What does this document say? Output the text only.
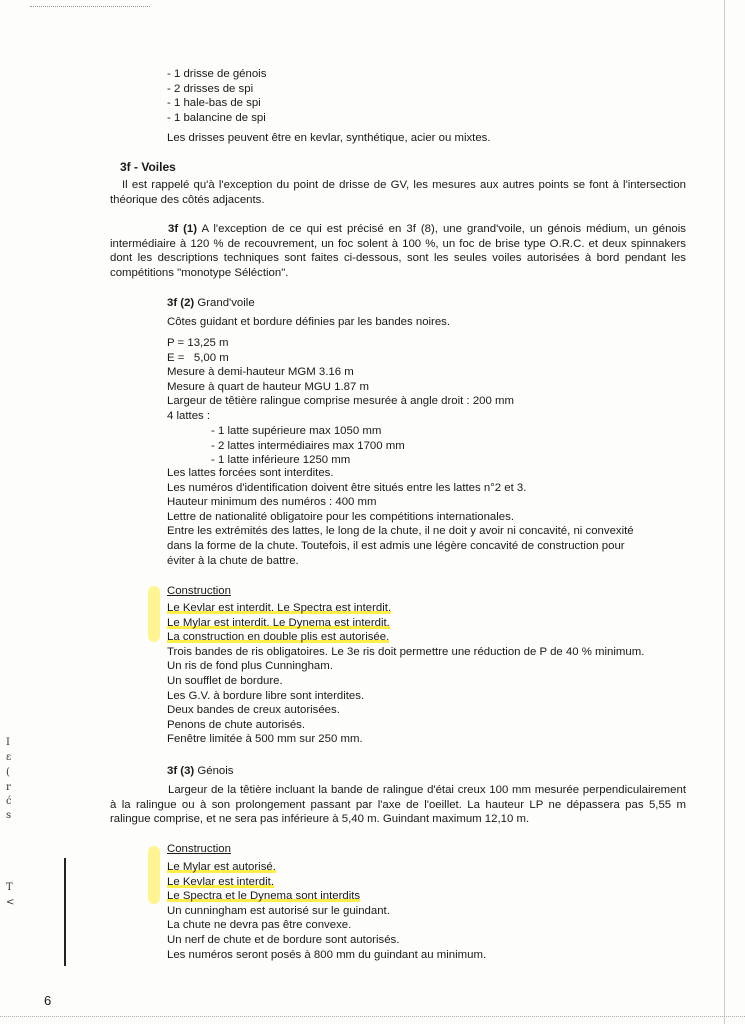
- 1 drisse de génois
- 2 drisses de spi
- 1 hale-bas de spi
- 1 balancine de spi
Les drisses peuvent être en kevlar, synthétique, acier ou mixtes.
3f - Voiles
Il est rappelé qu'à l'exception du point de drisse de GV, les mesures aux autres points se font à l'intersection théorique des côtés adjacents.
3f (1) A l'exception de ce qui est précisé en 3f (8), une grand'voile, un génois médium, un génois intermédiaire à 120 % de recouvrement, un foc solent à 100 %, un foc de brise type O.R.C. et deux spinnakers dont les descriptions techniques sont faites ci-dessous, sont les seules voiles autorisées à bord pendant les compétitions "monotype Séléction".
3f (2) Grand'voile
Côtes guidant et bordure définies par les bandes noires.
P = 13,25 m
E =   5,00 m
Mesure à demi-hauteur MGM 3.16 m
Mesure à quart de hauteur MGU 1.87 m
Largeur de têtière ralingue comprise mesurée à angle droit : 200 mm
4 lattes :
- 1 latte supérieure max 1050 mm
- 2 lattes intermédiaires max 1700 mm
- 1 latte inférieure 1250 mm
Les lattes forcées sont interdites.
Les numéros d'identification doivent être situés entre les lattes n°2 et 3.
Hauteur minimum des numéros : 400 mm
Lettre de nationalité obligatoire pour les compétitions internationales.
Entre les extrémités des lattes, le long de la chute, il ne doit y avoir ni concavité, ni convexité
dans la forme de la chute. Toutefois, il est admis une légère concavité de construction pour
éviter à la chute de battre.
Construction
Le Kevlar est interdit. Le Spectra est interdit.
Le Mylar est interdit. Le Dynema est interdit.
La construction en double plis est autorisée.
Trois bandes de ris obligatoires. Le 3e ris doit permettre une réduction de P de 40 % minimum.
Un ris de fond plus Cunningham.
Un soufflet de bordure.
Les G.V. à bordure libre sont interdites.
Deux bandes de creux autorisées.
Penons de chute autorisés.
Fenêtre limitée à 500 mm sur 250 mm.
3f (3) Génois
Largeur de la têtière incluant la bande de ralingue d'étai creux 100 mm mesurée perpendiculairement à la ralingue ou à son prolongement passant par l'axe de l'oeillet. La hauteur LP ne dépassera pas 5,55 m ralingue comprise, et ne sera pas inférieure à 5,40 m. Guindant maximum 12,10 m.
Construction
Le Mylar est autorisé.
Le Kevlar est interdit.
Le Spectra et le Dynema sont interdits
Un cunningham est autorisé sur le guindant.
La chute ne devra pas être convexe.
Un nerf de chute et de bordure sont autorisés.
Les numéros seront posés à 800 mm du guindant au minimum.
I
ε
(
r
ć
s
T
<
6
